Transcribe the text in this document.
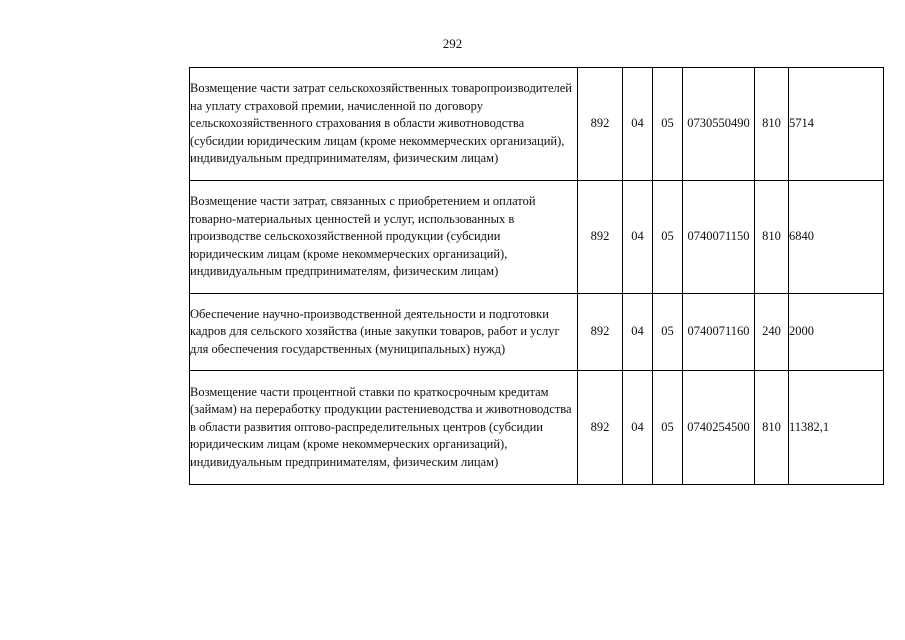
292
Возмещение части затрат сельскохозяйственных товаропроизводителей на уплату страховой премии, начисленной по договору сельскохозяйственного страхования в области животноводства (субсидии юридическим лицам (кроме некоммерческих организаций), индивидуальным предпринимателям, физическим лицам)	892	04	05	0730550490	810	5714

Возмещение части затрат, связанных с приобретением и оплатой товарно-материальных ценностей и услуг, использованных в производстве сельскохозяйственной продукции (субсидии юридическим лицам (кроме некоммерческих организаций), индивидуальным предпринимателям, физическим лицам)	892	04	05	0740071150	810	6840

Обеспечение научно-производственной деятельности и подготовки кадров для сельского хозяйства (иные закупки товаров, работ и услуг для обеспечения государственных (муниципальных) нужд)	892	04	05	0740071160	240	2000

Возмещение части процентной ставки по краткосрочным кредитам (займам) на переработку продукции растениеводства и животноводства в области развития оптово-распределительных центров (субсидии юридическим лицам (кроме некоммерческих организаций), индивидуальным предпринимателям, физическим лицам)	892	04	05	0740254500	810	11382,1
